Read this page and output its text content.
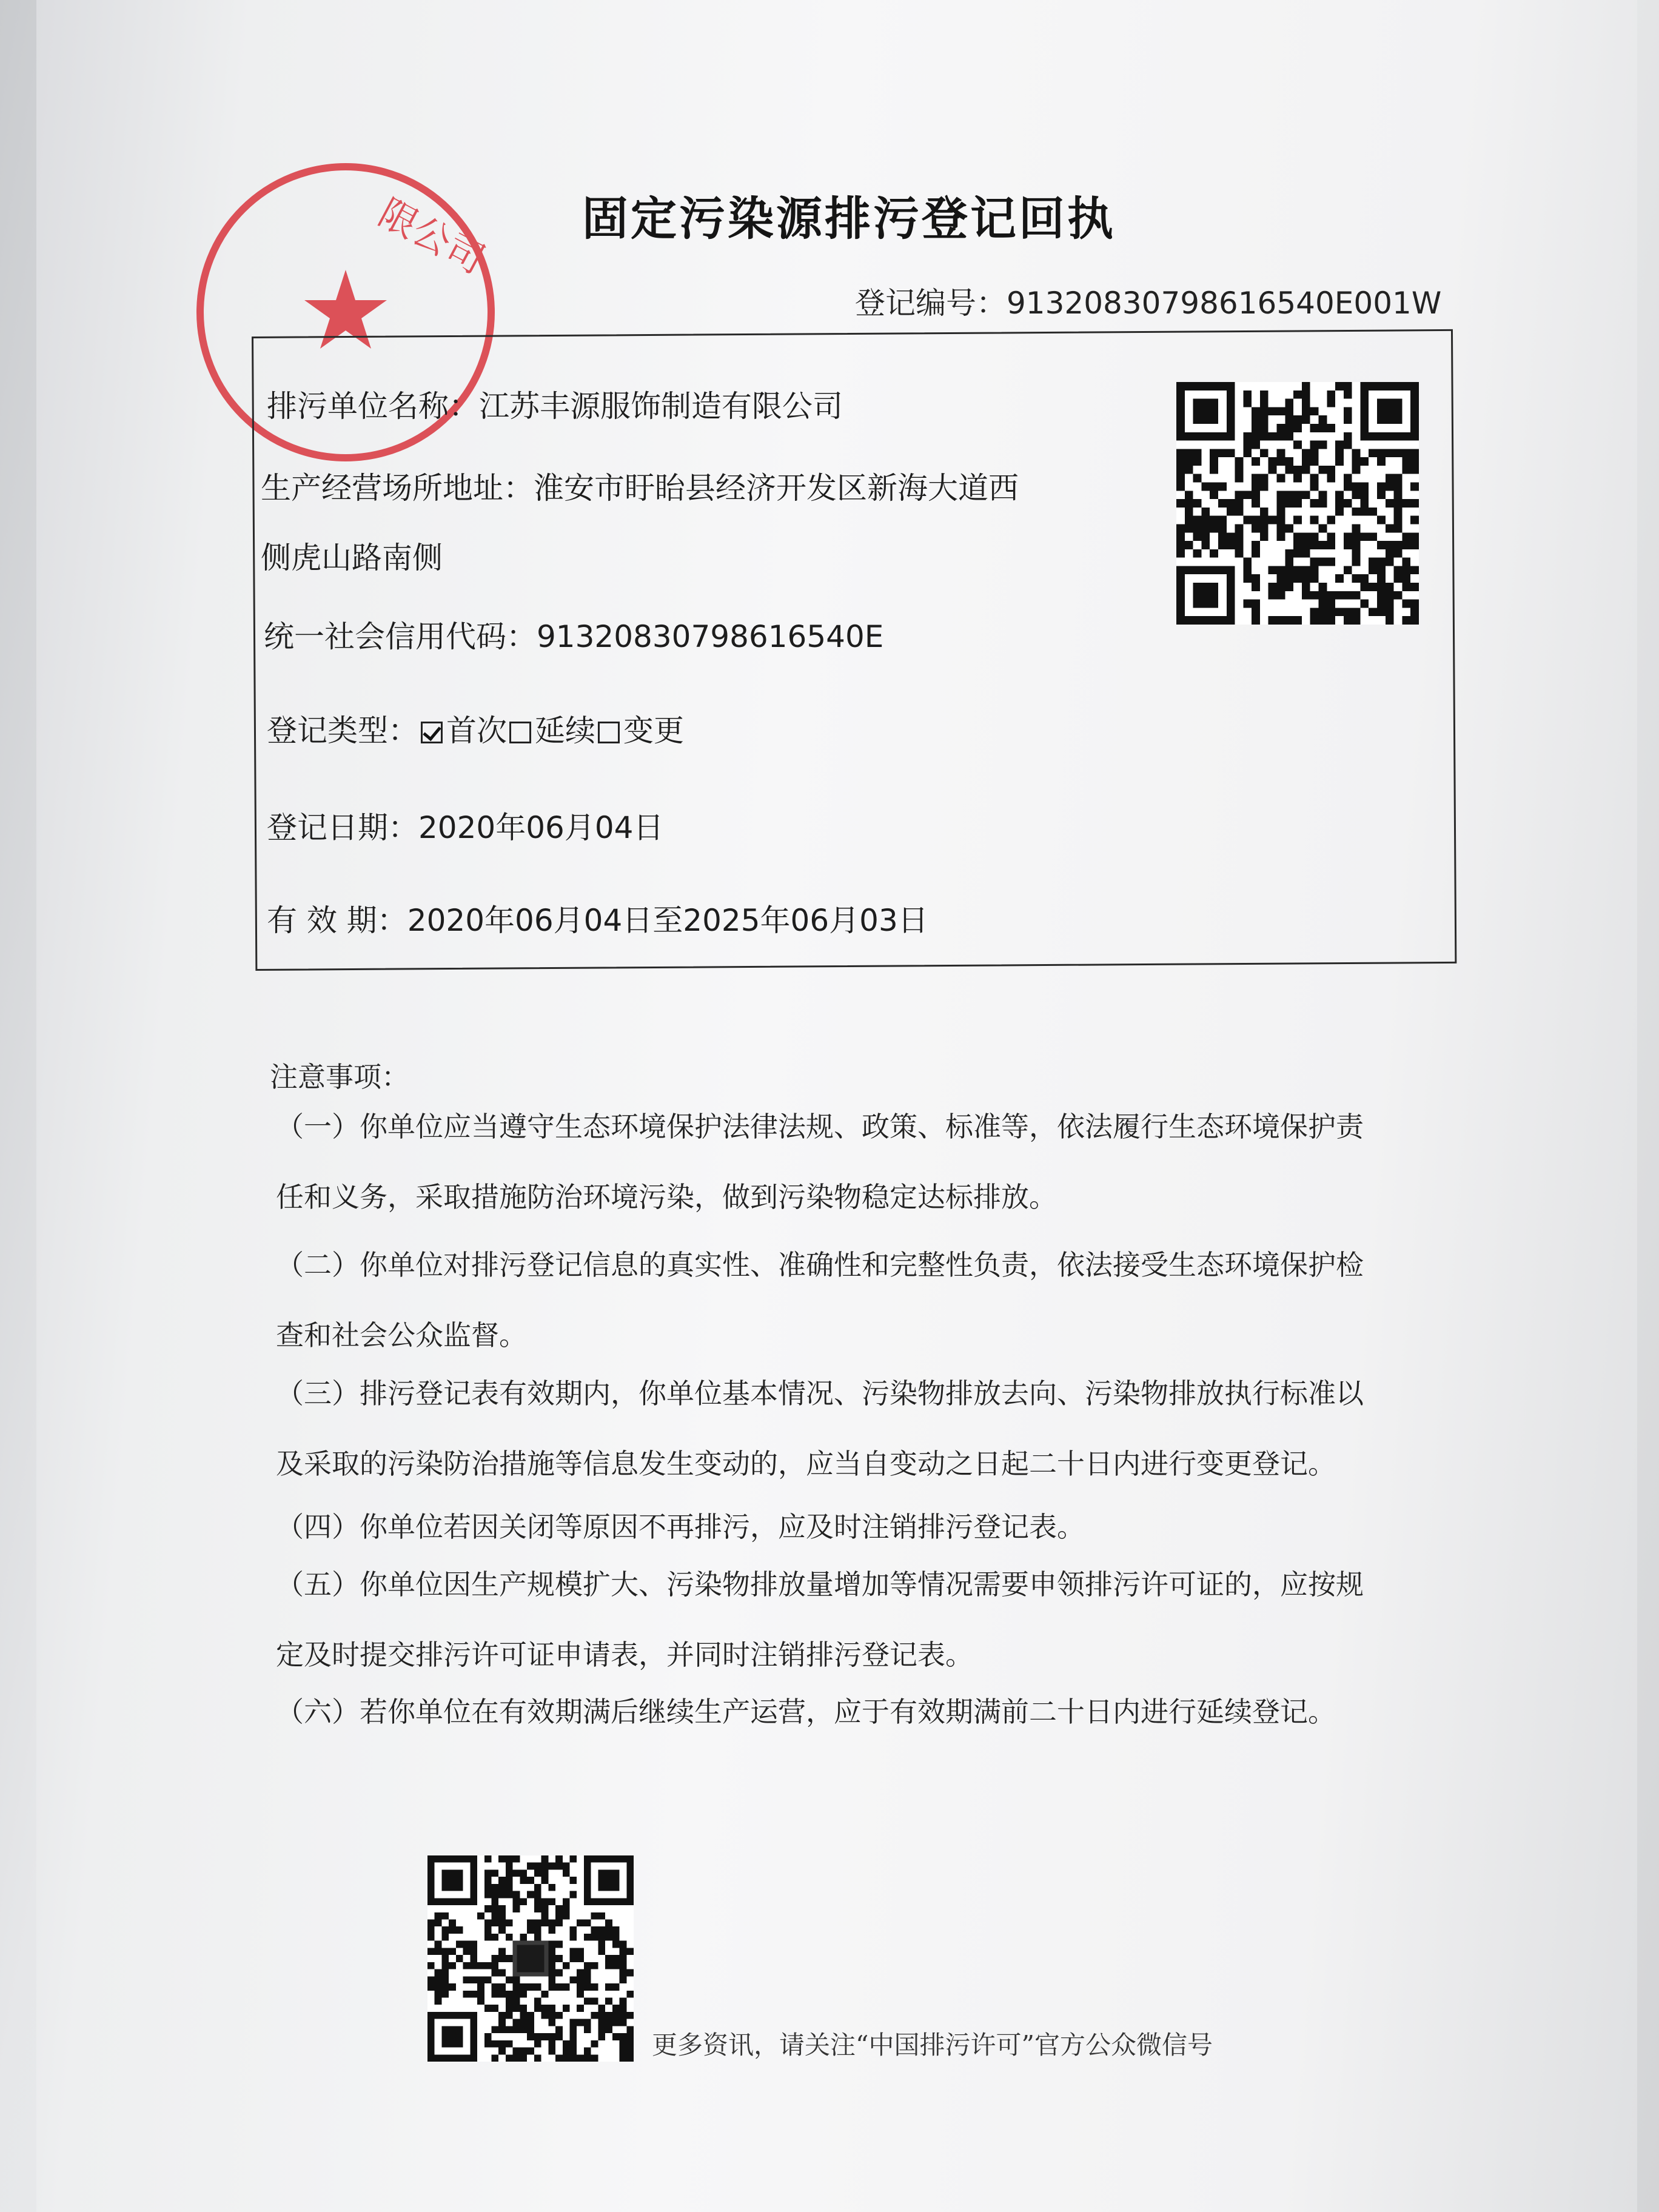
限公司	固定污染源排污登记回执
登记编号：91320830798616540E001W
排污单位名称：江苏丰源服饰制造有限公司
生产经营场所地址：淮安市盱眙县经济开发区新海大道西
侧虎山路南侧
统一社会信用代码：91320830798616540E
登记类型： 首次 延续 变更
登记日期：2020年06月04日
有 效 期：2020年06月04日至2025年06月03日
注意事项：
（一）你单位应当遵守生态环境保护法律法规、政策、标准等，依法履行生态环境保护责
任和义务，采取措施防治环境污染，做到污染物稳定达标排放。
（二）你单位对排污登记信息的真实性、准确性和完整性负责，依法接受生态环境保护检
查和社会公众监督。
（三）排污登记表有效期内，你单位基本情况、污染物排放去向、污染物排放执行标准以
及采取的污染防治措施等信息发生变动的，应当自变动之日起二十日内进行变更登记。
（四）你单位若因关闭等原因不再排污，应及时注销排污登记表。
（五）你单位因生产规模扩大、污染物排放量增加等情况需要申领排污许可证的，应按规
定及时提交排污许可证申请表，并同时注销排污登记表。
（六）若你单位在有效期满后继续生产运营，应于有效期满前二十日内进行延续登记。
更多资讯，请关注“中国排污许可”官方公众微信号
